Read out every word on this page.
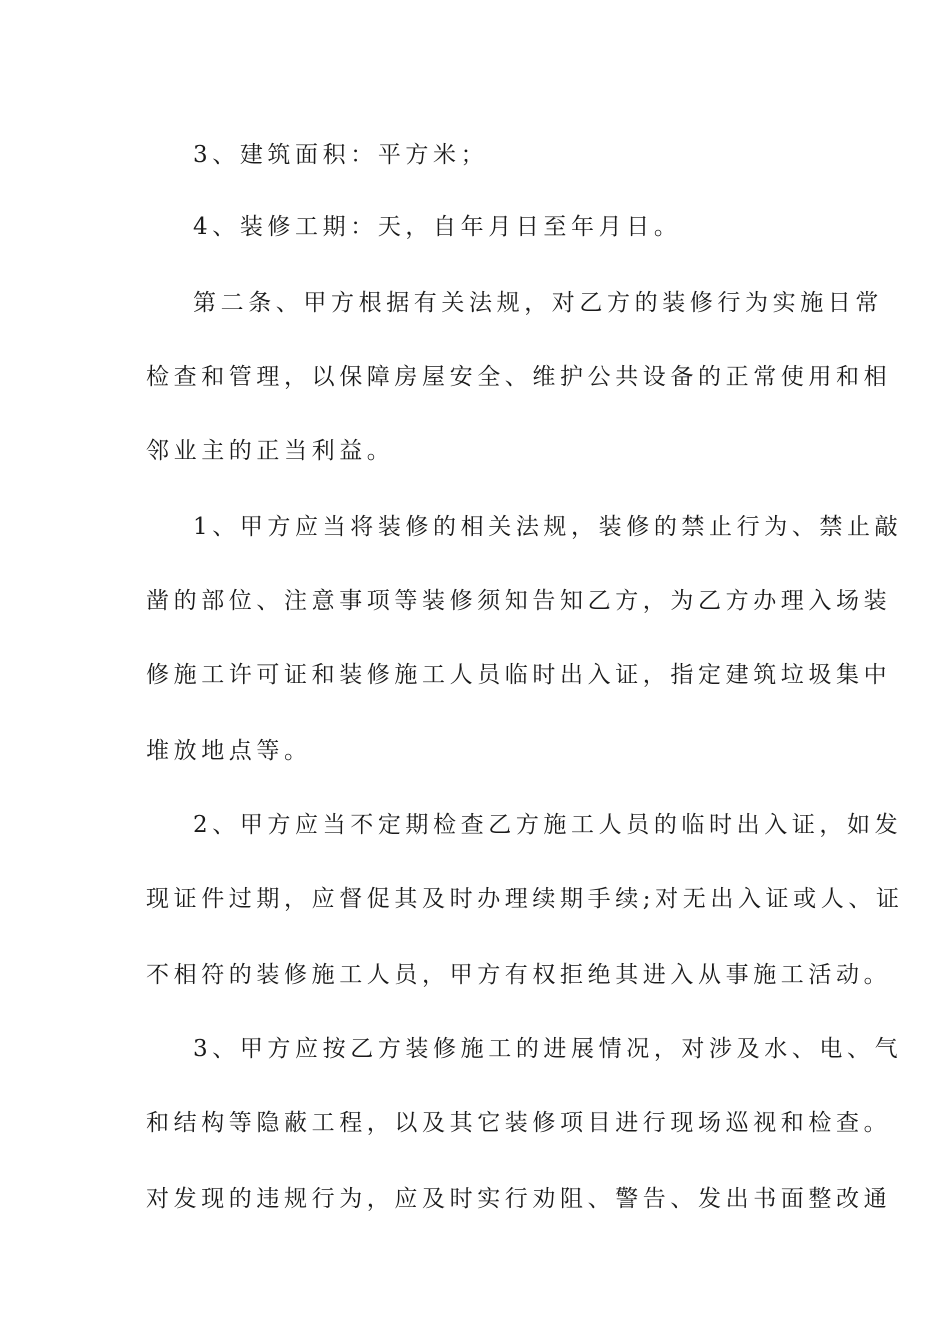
3、建筑面积：平方米；
4、装修工期：天，自年月日至年月日。
第二条、甲方根据有关法规，对乙方的装修行为实施日常
检查和管理，以保障房屋安全、维护公共设备的正常使用和相
邻业主的正当利益。
1、甲方应当将装修的相关法规，装修的禁止行为、禁止敲
凿的部位、注意事项等装修须知告知乙方，为乙方办理入场装
修施工许可证和装修施工人员临时出入证，指定建筑垃圾集中
堆放地点等。
2、甲方应当不定期检查乙方施工人员的临时出入证，如发
现证件过期，应督促其及时办理续期手续;对无出入证或人、证
不相符的装修施工人员，甲方有权拒绝其进入从事施工活动。
3、甲方应按乙方装修施工的进展情况，对涉及水、电、气
和结构等隐蔽工程，以及其它装修项目进行现场巡视和检查。
对发现的违规行为，应及时实行劝阻、警告、发出书面整改通
